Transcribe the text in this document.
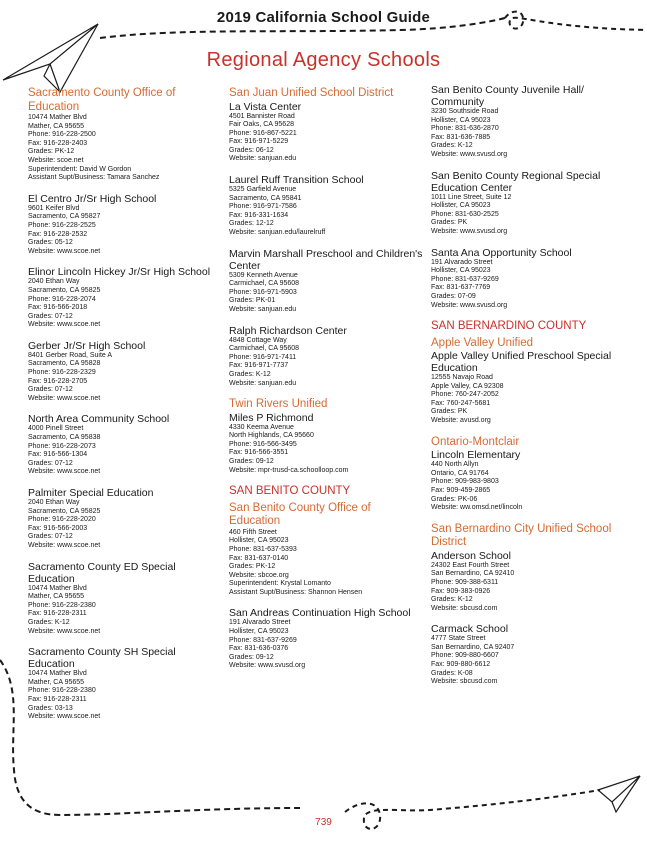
2019 California School Guide
Regional Agency Schools
Sacramento County Office of Education
10474 Mather Blvd
Mather, CA 95655
Phone: 916-228-2500
Fax: 916-228-2403
Grades: PK-12
Website: scoe.net
Superintendent: David W Gordon
Assistant Supt/Business: Tamara Sanchez
El Centro Jr/Sr High School
9601 Keifer Blvd
Sacramento, CA 95827
Phone: 916-228-2525
Fax: 916-228-2532
Grades: 05-12
Website: www.scoe.net
Elinor Lincoln Hickey Jr/Sr High School
2040 Ethan Way
Sacramento, CA 95825
Phone: 916-228-2074
Fax: 916-566-2018
Grades: 07-12
Website: www.scoe.net
Gerber Jr/Sr High School
8401 Gerber Road, Suite A
Sacramento, CA 95828
Phone: 916-228-2329
Fax: 916-228-2705
Grades: 07-12
Website: www.scoe.net
North Area Community School
4000 Pinell Street
Sacramento, CA 95838
Phone: 916-228-2073
Fax: 916-566-1304
Grades: 07-12
Website: www.scoe.net
Palmiter Special Education
2040 Ethan Way
Sacramento, CA 95825
Phone: 916-228-2020
Fax: 916-566-2003
Grades: 07-12
Website: www.scoe.net
Sacramento County ED Special Education
10474 Mather Blvd
Mather, CA 95655
Phone: 916-228-2380
Fax: 916-228-2311
Grades: K-12
Website: www.scoe.net
Sacramento County SH Special Education
10474 Mather Blvd
Mather, CA 95655
Phone: 916-228-2380
Fax: 916-228-2311
Grades: 03-13
Website: www.scoe.net
San Juan Unified School District
La Vista Center
4501 Bannister Road
Fair Oaks, CA 95628
Phone: 916-867-5221
Fax: 916-971-5229
Grades: 06-12
Website: sanjuan.edu
Laurel Ruff Transition School
5325 Garfield Avenue
Sacramento, CA 95841
Phone: 916-971-7586
Fax: 916-331-1634
Grades: 12-12
Website: sanjuan.edu/laurelruff
Marvin Marshall Preschool and Children's Center
5309 Kenneth Avenue
Carmichael, CA 95608
Phone: 916-971-5903
Grades: PK-01
Website: sanjuan.edu
Ralph Richardson Center
4848 Cottage Way
Carmichael, CA 95608
Phone: 916-971-7411
Fax: 916-971-7737
Grades: K-12
Website: sanjuan.edu
Twin Rivers Unified
Miles P Richmond
4330 Keema Avenue
North Highlands, CA 95660
Phone: 916-566-3495
Fax: 916-566-3551
Grades: 09-12
Website: mpr-trusd-ca.schoolloop.com
SAN BENITO COUNTY
San Benito County Office of Education
460 Fifth Street
Hollister, CA 95023
Phone: 831-637-5393
Fax: 831-637-0140
Grades: PK-12
Website: sbcoe.org
Superintendent: Krystal Lomanto
Assistant Supt/Business: Shannon Hensen
San Andreas Continuation High School
191 Alvarado Street
Hollister, CA 95023
Phone: 831-637-9269
Fax: 831-636-0376
Grades: 09-12
Website: www.svusd.org
San Benito County Juvenile Hall/ Community
3230 Southside Road
Hollister, CA 95023
Phone: 831-636-2870
Fax: 831-636-7885
Grades: K-12
Website: www.svusd.org
San Benito County Regional Special Education Center
1011 Line Street, Suite 12
Hollister, CA 95023
Phone: 831-630-2525
Grades: PK
Website: www.svusd.org
Santa Ana Opportunity School
191 Alvarado Street
Hollister, CA 95023
Phone: 831-637-9269
Fax: 831-637-7769
Grades: 07-09
Website: www.svusd.org
SAN BERNARDINO COUNTY
Apple Valley Unified
Apple Valley Unified Preschool Special Education
12555 Navajo Road
Apple Valley, CA 92308
Phone: 760-247-2052
Fax: 760-247-5681
Grades: PK
Website: avusd.org
Ontario-Montclair
Lincoln Elementary
440 North Allyn
Ontario, CA 91764
Phone: 909-983-9803
Fax: 909-459-2865
Grades: PK-06
Website: ww.omsd.net/lincoln
San Bernardino City Unified School District
Anderson School
24302 East Fourth Street
San Bernardino, CA 92410
Phone: 909-388-6311
Fax: 909-383-0926
Grades: K-12
Website: sbcusd.com
Carmack School
4777 State Street
San Bernardino, CA 92407
Phone: 909-880-6607
Fax: 909-880-6612
Grades: K-08
Website: sbcusd.com
739
